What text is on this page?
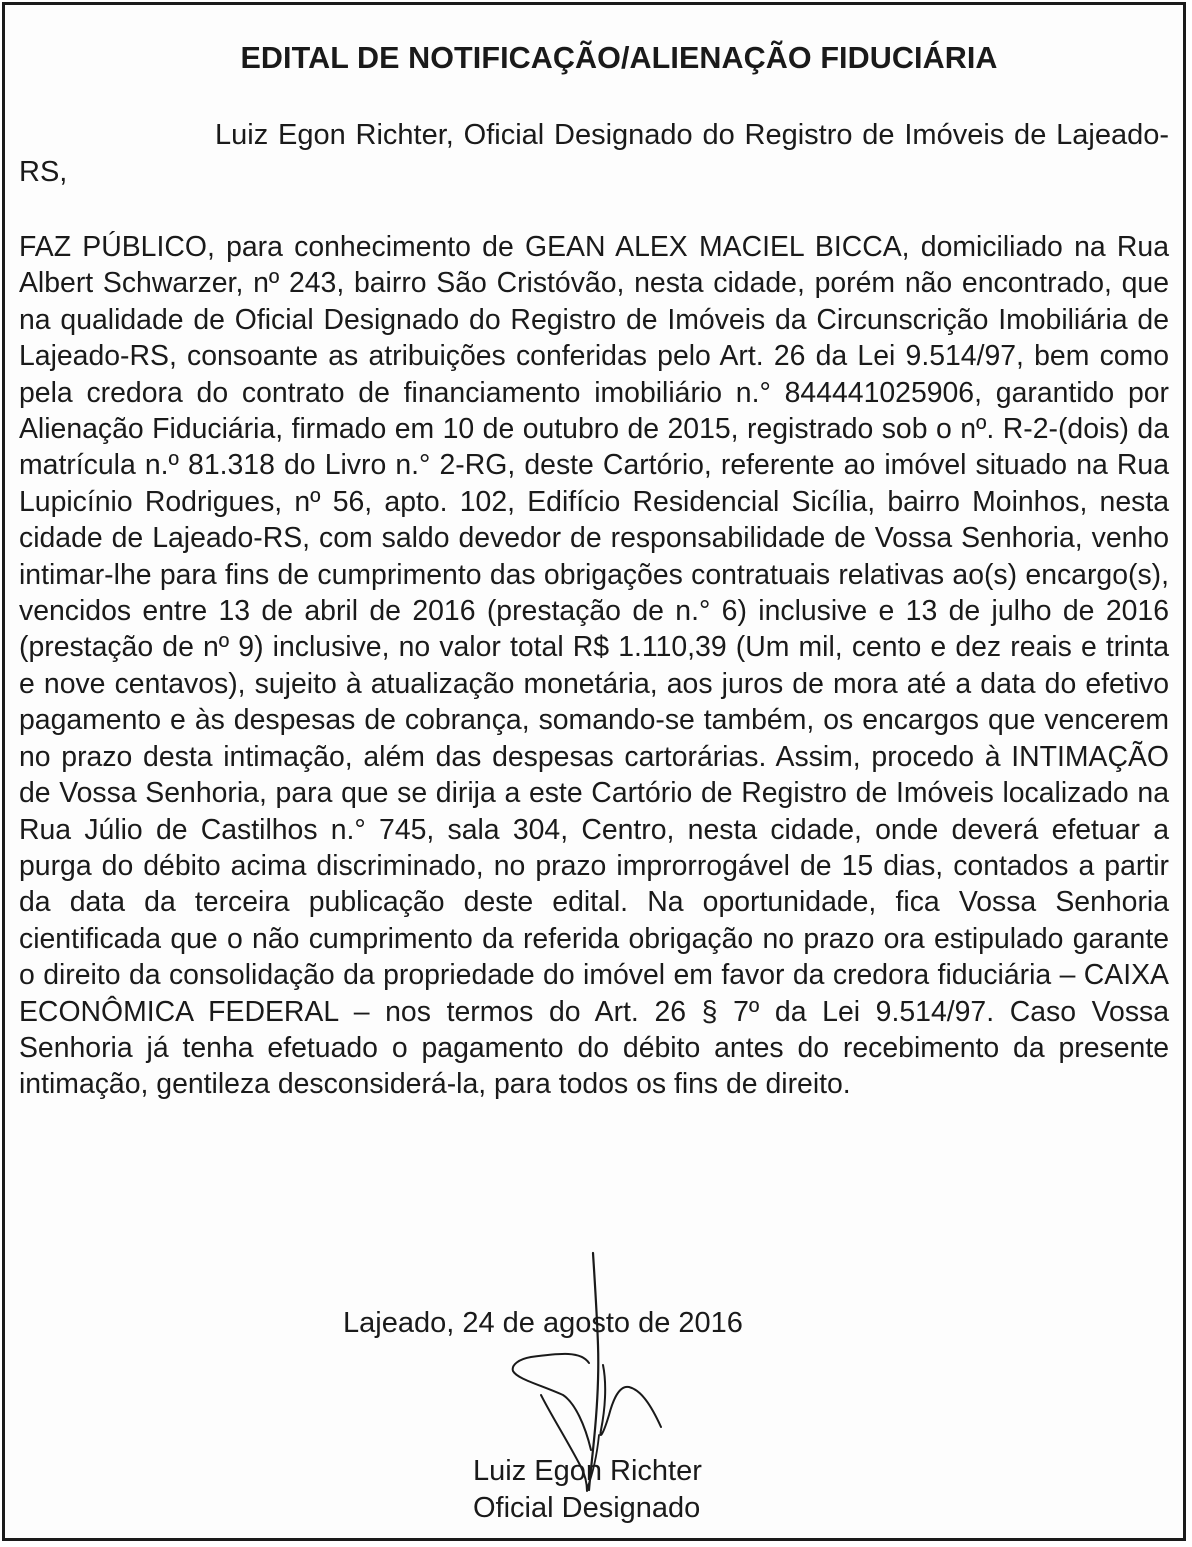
EDITAL DE NOTIFICAÇÃO/ALIENAÇÃO FIDUCIÁRIA

Luiz Egon Richter, Oficial Designado do Registro de Imóveis de Lajeado-RS,

FAZ PÚBLICO, para conhecimento de GEAN ALEX MACIEL BICCA, domiciliado na Rua Albert Schwarzer, nº 243, bairro São Cristóvão, nesta cidade, porém não encontrado, que na qualidade de Oficial Designado do Registro de Imóveis da Circunscrição Imobiliária de Lajeado-RS, consoante as atribuições conferidas pelo Art. 26 da Lei 9.514/97, bem como pela credora do contrato de financiamento imobiliário n.° 844441025906, garantido por Alienação Fiduciária, firmado em 10 de outubro de 2015, registrado sob o nº. R-2-(dois) da matrícula n.º 81.318 do Livro n.° 2-RG, deste Cartório, referente ao imóvel situado na Rua Lupicínio Rodrigues, nº 56, apto. 102, Edifício Residencial Sicília, bairro Moinhos, nesta cidade de Lajeado-RS, com saldo devedor de responsabilidade de Vossa Senhoria, venho intimar-lhe para fins de cumprimento das obrigações contratuais relativas ao(s) encargo(s), vencidos entre 13 de abril de 2016 (prestação de n.° 6) inclusive e 13 de julho de 2016 (prestação de nº 9) inclusive, no valor total R$ 1.110,39 (Um mil, cento e dez reais e trinta e nove centavos), sujeito à atualização monetária, aos juros de mora até a data do efetivo pagamento e às despesas de cobrança, somando-se também, os encargos que vencerem no prazo desta intimação, além das despesas cartorárias. Assim, procedo à INTIMAÇÃO de Vossa Senhoria, para que se dirija a este Cartório de Registro de Imóveis localizado na Rua Júlio de Castilhos n.° 745, sala 304, Centro, nesta cidade, onde deverá efetuar a purga do débito acima discriminado, no prazo improrrogável de 15 dias, contados a partir da data da terceira publicação deste edital. Na oportunidade, fica Vossa Senhoria cientificada que o não cumprimento da referida obrigação no prazo ora estipulado garante o direito da consolidação da propriedade do imóvel em favor da credora fiduciária – CAIXA ECONÔMICA FEDERAL – nos termos do Art. 26 § 7º da Lei 9.514/97. Caso Vossa Senhoria já tenha efetuado o pagamento do débito antes do recebimento da presente intimação, gentileza desconsiderá-la, para todos os fins de direito.

Lajeado, 24 de agosto de 2016

Luiz Egon Richter
Oficial Designado
